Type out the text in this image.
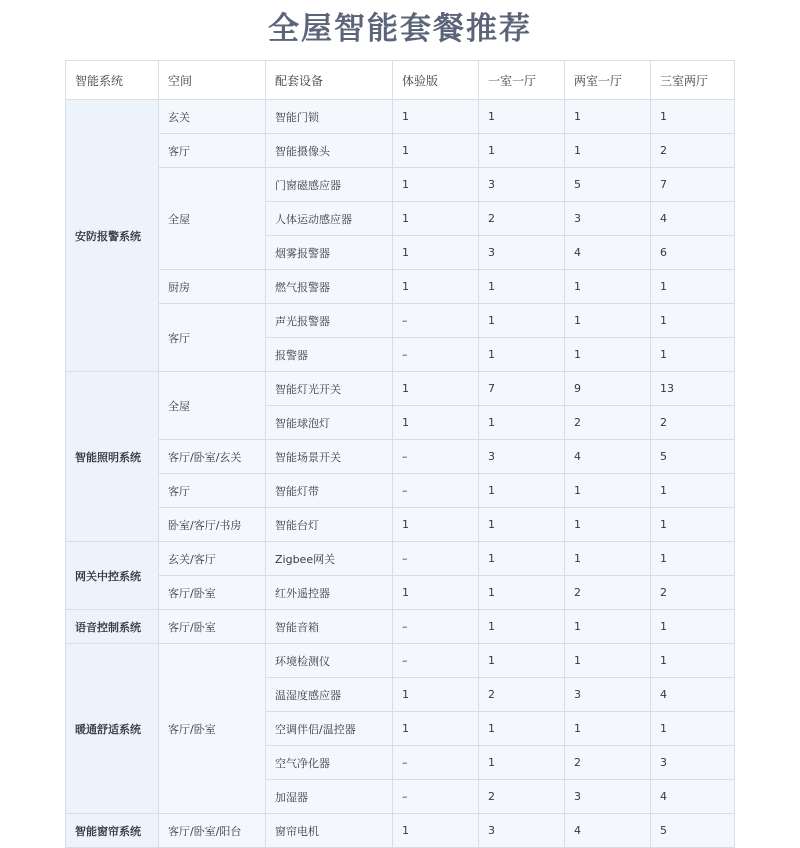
全屋智能套餐推荐
智能系统	空间	配套设备	体验版	一室一厅	两室一厅	三室两厅
安防报警系统	玄关	智能门锁	1	1	1	1
	客厅	智能摄像头	1	1	1	2
	全屋	门窗磁感应器	1	3	5	7
		人体运动感应器	1	2	3	4
		烟雾报警器	1	3	4	6
	厨房	燃气报警器	1	1	1	1
	客厅	声光报警器	–	1	1	1
		报警器	–	1	1	1
智能照明系统	全屋	智能灯光开关	1	7	9	13
		智能球泡灯	1	1	2	2
	客厅/卧室/玄关	智能场景开关	–	3	4	5
	客厅	智能灯带	–	1	1	1
	卧室/客厅/书房	智能台灯	1	1	1	1
网关中控系统	玄关/客厅	Zigbee网关	–	1	1	1
	客厅/卧室	红外遥控器	1	1	2	2
语音控制系统	客厅/卧室	智能音箱	–	1	1	1
暖通舒适系统	客厅/卧室	环境检测仪	–	1	1	1
		温湿度感应器	1	2	3	4
		空调伴侣/温控器	1	1	1	1
		空气净化器	–	1	2	3
		加湿器	–	2	3	4
智能窗帘系统	客厅/卧室/阳台	窗帘电机	1	3	4	5
